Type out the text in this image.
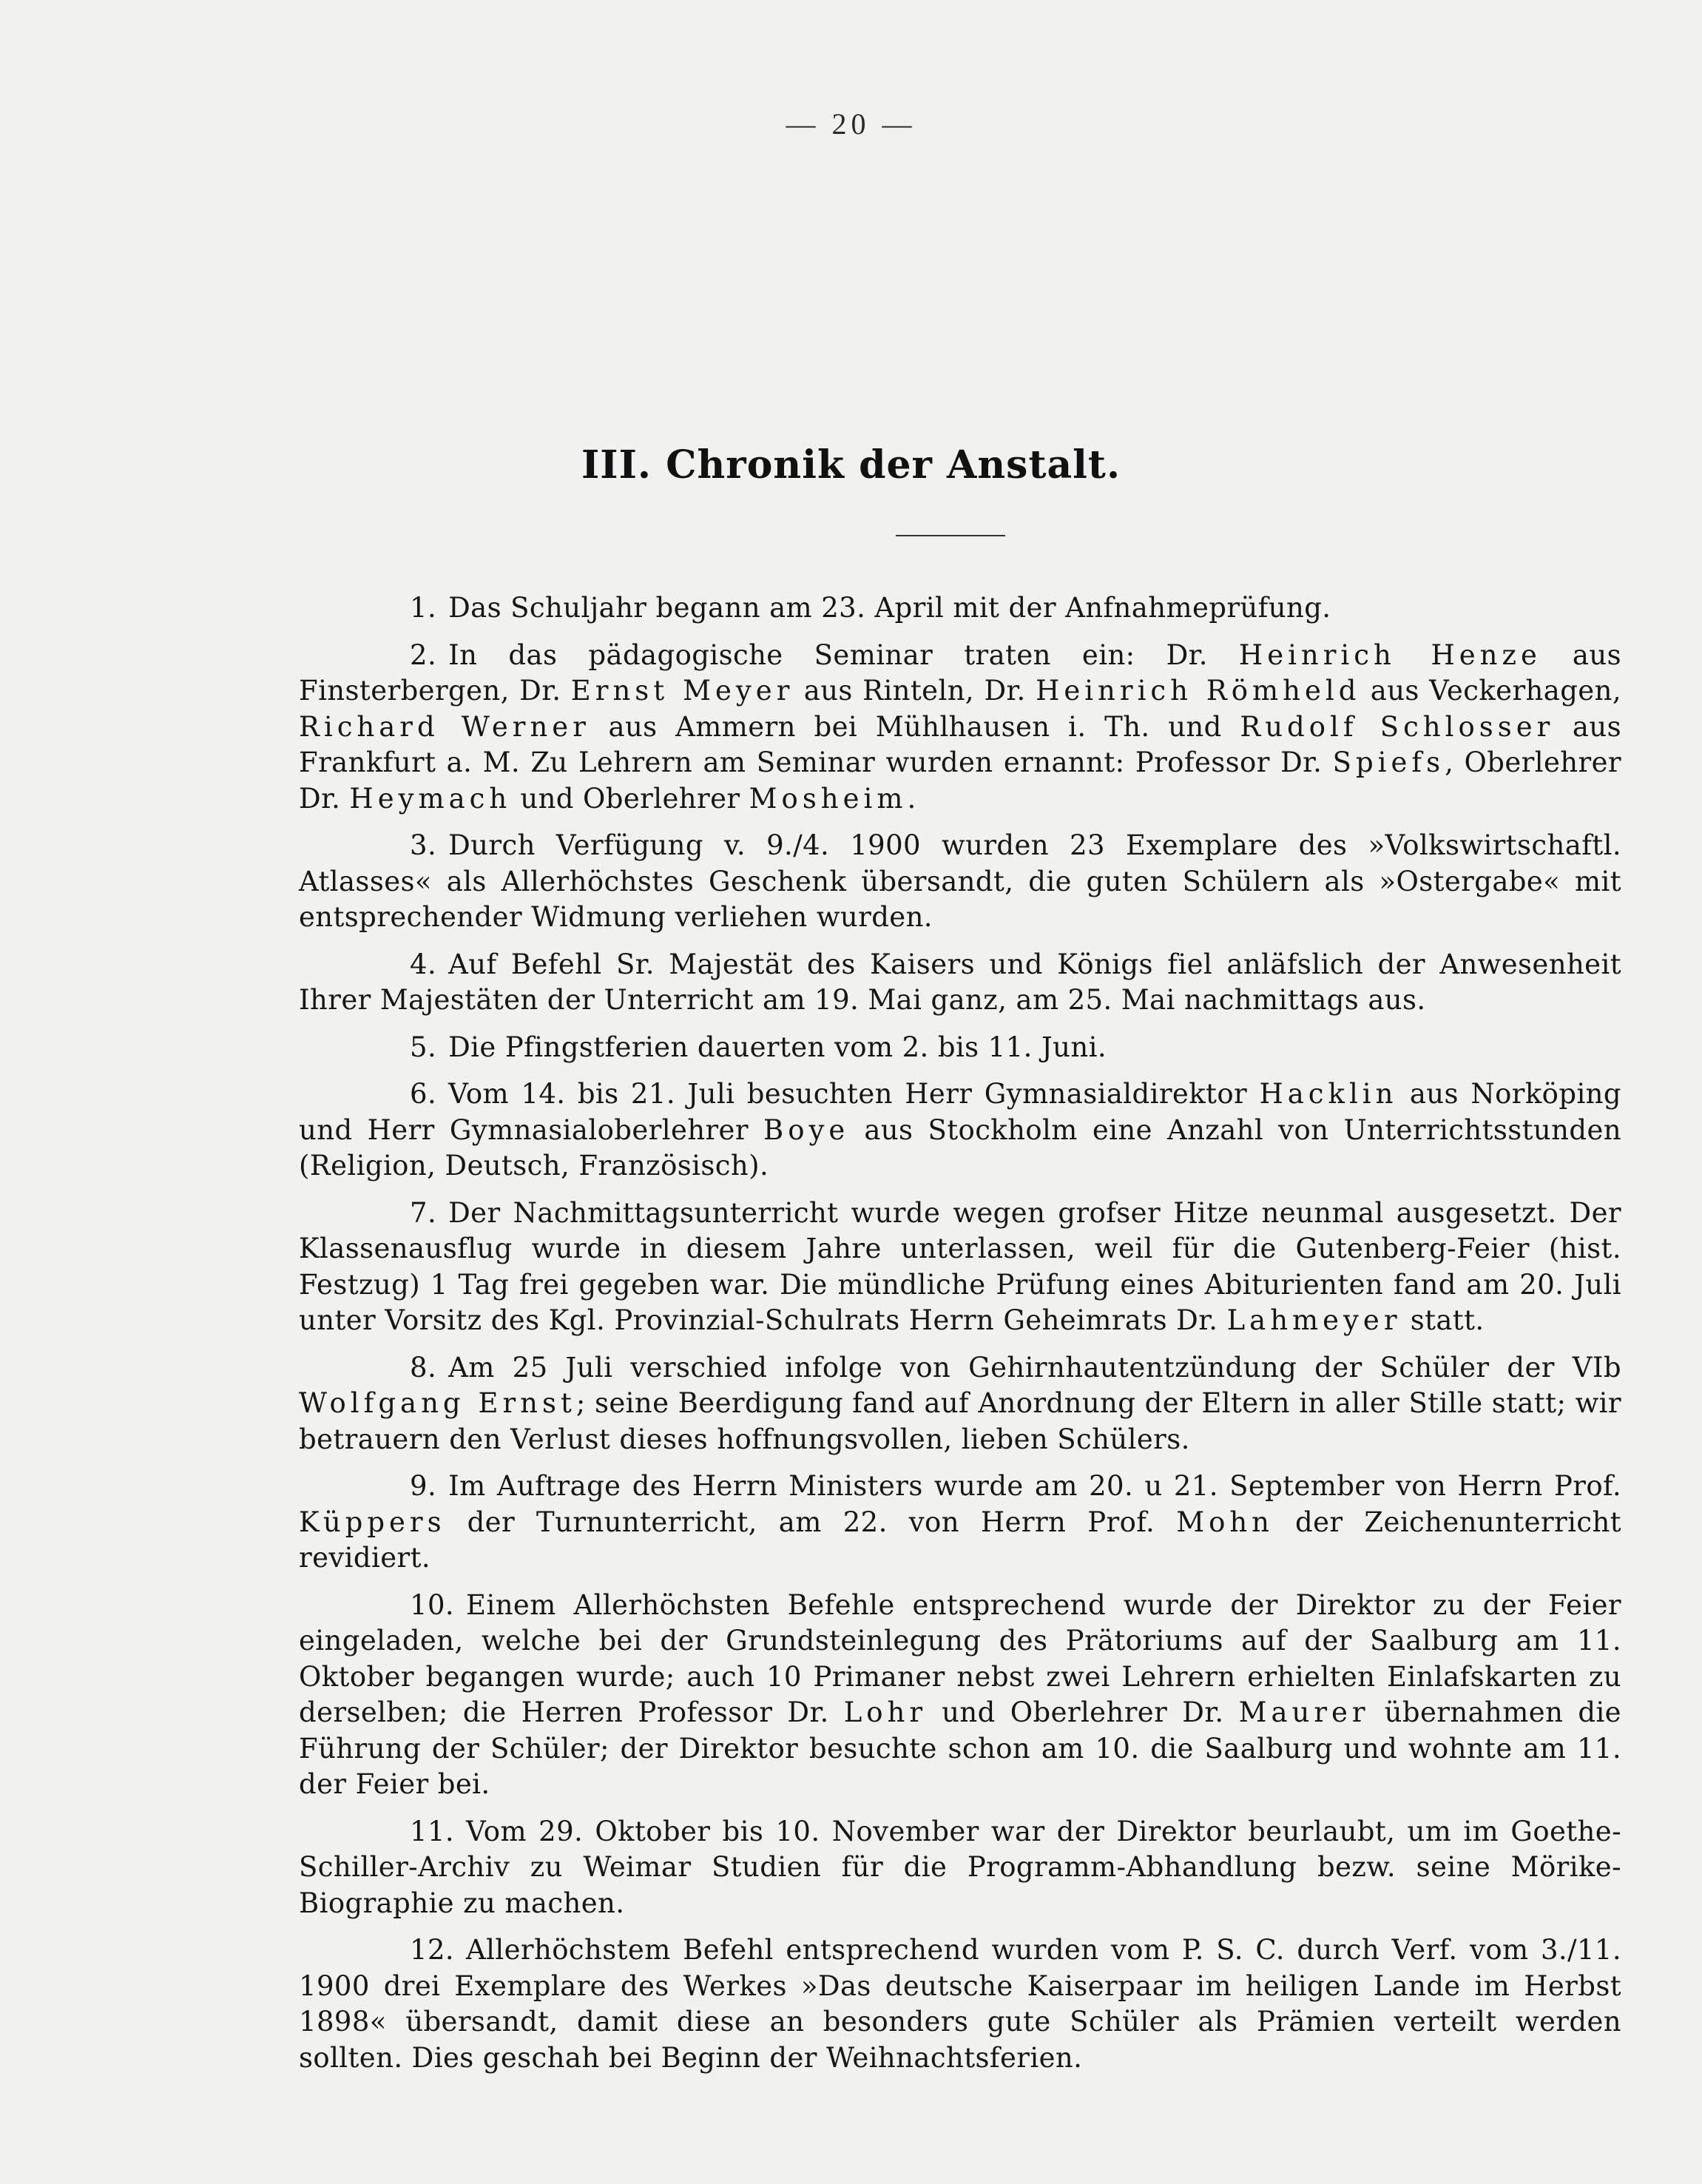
— 20 —
III. Chronik der Anstalt.

1. Das Schuljahr begann am 23. April mit der Anfnahmeprüfung.

2. In das pädagogische Seminar traten ein: Dr. Heinrich Henze aus Finsterbergen, Dr. Ernst Meyer aus Rinteln, Dr. Heinrich Römheld aus Veckerhagen, Richard Werner aus Ammern bei Mühlhausen i. Th. und Rudolf Schlosser aus Frankfurt a. M. Zu Lehrern am Seminar wurden ernannt: Professor Dr. Spiefs, Oberlehrer Dr. Heymach und Oberlehrer Mosheim.

3. Durch Verfügung v. 9./4. 1900 wurden 23 Exemplare des »Volkswirtschaftl. Atlasses« als Allerhöchstes Geschenk übersandt, die guten Schülern als »Ostergabe« mit entsprechender Widmung verliehen wurden.

4. Auf Befehl Sr. Majestät des Kaisers und Königs fiel anläfslich der Anwesenheit Ihrer Majestäten der Unterricht am 19. Mai ganz, am 25. Mai nachmittags aus.

5. Die Pfingstferien dauerten vom 2. bis 11. Juni.

6. Vom 14. bis 21. Juli besuchten Herr Gymnasialdirektor Hacklin aus Norköping und Herr Gymnasialoberlehrer Boye aus Stockholm eine Anzahl von Unterrichtsstunden (Religion, Deutsch, Französisch).

7. Der Nachmittagsunterricht wurde wegen grofser Hitze neunmal ausgesetzt. Der Klassenausflug wurde in diesem Jahre unterlassen, weil für die Gutenberg-Feier (hist. Festzug) 1 Tag frei gegeben war. Die mündliche Prüfung eines Abiturienten fand am 20. Juli unter Vorsitz des Kgl. Provinzial-Schulrats Herrn Geheimrats Dr. Lahmeyer statt.

8. Am 25 Juli verschied infolge von Gehirnhautentzündung der Schüler der VIb Wolfgang Ernst; seine Beerdigung fand auf Anordnung der Eltern in aller Stille statt; wir betrauern den Verlust dieses hoffnungsvollen, lieben Schülers.

9. Im Auftrage des Herrn Ministers wurde am 20. u 21. September von Herrn Prof. Küppers der Turnunterricht, am 22. von Herrn Prof. Mohn der Zeichenunterricht revidiert.

10. Einem Allerhöchsten Befehle entsprechend wurde der Direktor zu der Feier eingeladen, welche bei der Grundsteinlegung des Prätoriums auf der Saalburg am 11. Oktober begangen wurde; auch 10 Primaner nebst zwei Lehrern erhielten Einlafskarten zu derselben; die Herren Professor Dr. Lohr und Oberlehrer Dr. Maurer übernahmen die Führung der Schüler; der Direktor besuchte schon am 10. die Saalburg und wohnte am 11. der Feier bei.

11. Vom 29. Oktober bis 10. November war der Direktor beurlaubt, um im Goethe-Schiller-Archiv zu Weimar Studien für die Programm-Abhandlung bezw. seine Mörike-Biographie zu machen.

12. Allerhöchstem Befehl entsprechend wurden vom P. S. C. durch Verf. vom 3./11. 1900 drei Exemplare des Werkes »Das deutsche Kaiserpaar im heiligen Lande im Herbst 1898« übersandt, damit diese an besonders gute Schüler als Prämien verteilt werden sollten. Dies geschah bei Beginn der Weihnachtsferien.
